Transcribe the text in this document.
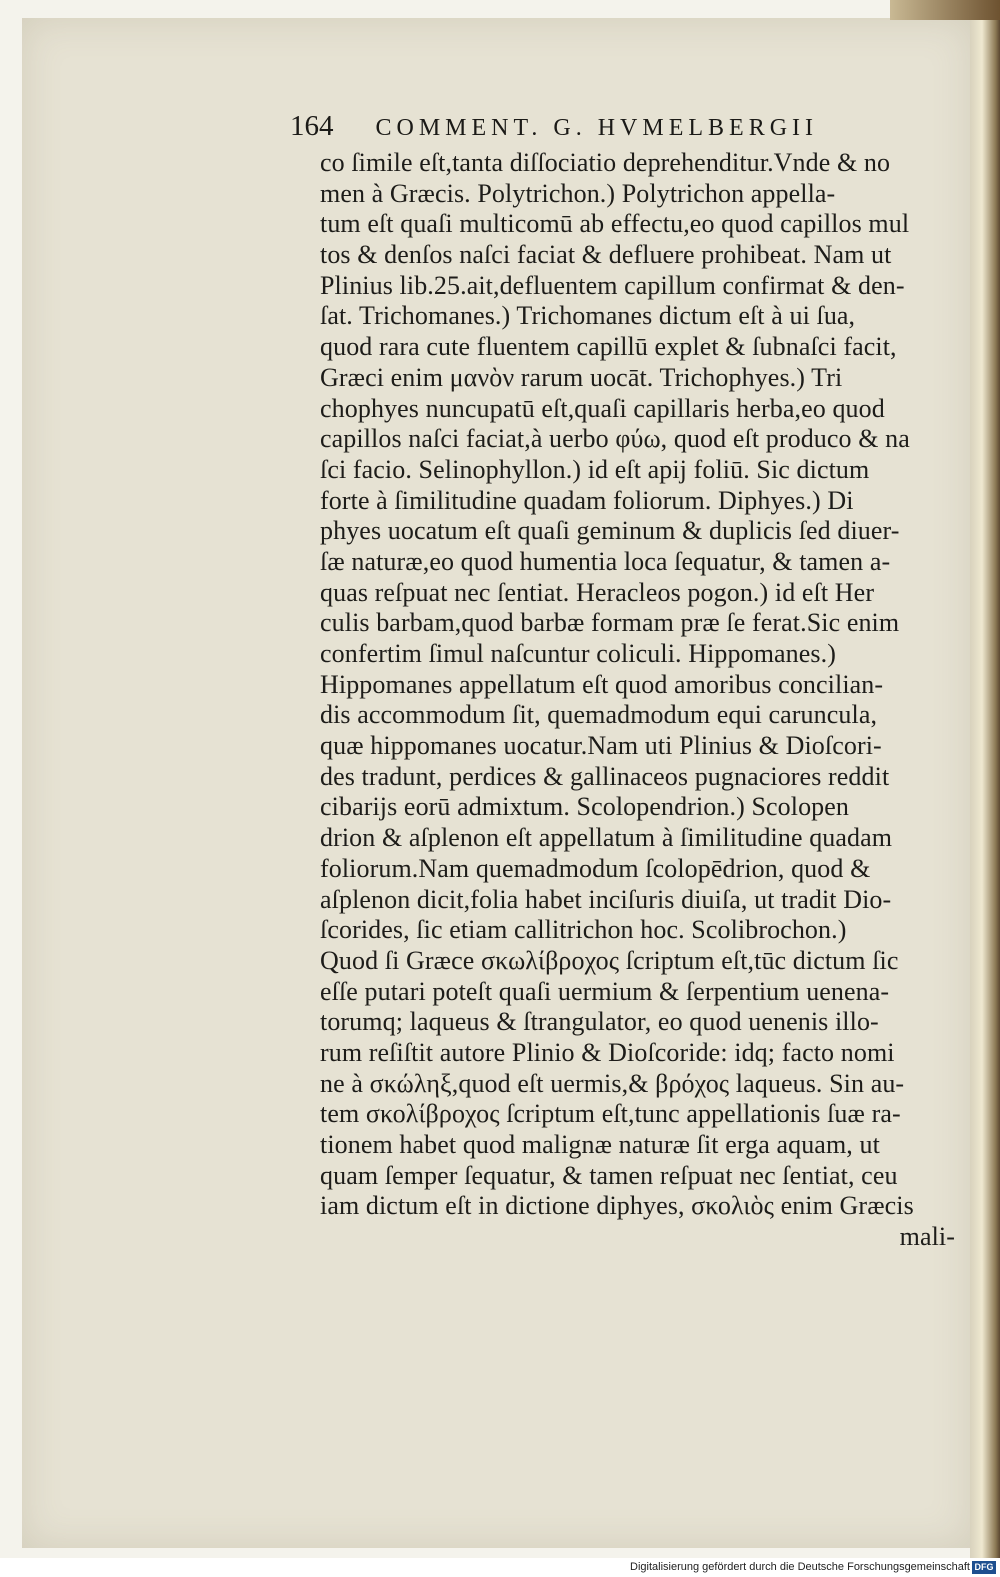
164 COMMENT. G. HVMELBERGII
co ſimile eſt,tanta diſſociatio deprehenditur.Vnde & no
men à Græcis. Polytrichon.) Polytrichon appella-
tum eſt quaſi multicomū ab effectu,eo quod capillos mul
tos & denſos naſci faciat & defluere prohibeat. Nam ut
Plinius lib.25.ait,defluentem capillum confirmat & den-
ſat. Trichomanes.) Trichomanes dictum eſt à ui ſua,
quod rara cute fluentem capillū explet & ſubnaſci facit,
Græci enim μανὸν rarum uocāt. Trichophyes.) Tri
chophyes nuncupatū eſt,quaſi capillaris herba,eo quod
capillos naſci faciat,à uerbo φύω, quod eſt produco & na
ſci facio. Selinophyllon.) id eſt apij foliū. Sic dictum
forte à ſimilitudine quadam foliorum. Diphyes.) Di
phyes uocatum eſt quaſi geminum & duplicis ſed diuer-
ſæ naturæ,eo quod humentia loca ſequatur, & tamen a-
quas reſpuat nec ſentiat. Heracleos pogon.) id eſt Her
culis barbam,quod barbæ formam præ ſe ferat.Sic enim
confertim ſimul naſcuntur coliculi. Hippomanes.)
Hippomanes appellatum eſt quod amoribus concilian-
dis accommodum ſit, quemadmodum equi caruncula,
quæ hippomanes uocatur.Nam uti Plinius & Dioſcori-
des tradunt, perdices & gallinaceos pugnaciores reddit
cibarijs eorū admixtum. Scolopendrion.) Scolopen
drion & aſplenon eſt appellatum à ſimilitudine quadam
foliorum.Nam quemadmodum ſcolopēdrion, quod &
aſplenon dicit,folia habet inciſuris diuiſa, ut tradit Dio-
ſcorides, ſic etiam callitrichon hoc. Scolibrochon.)
Quod ſi Græce σκωλίβροχος ſcriptum eſt,tūc dictum ſic
eſſe putari poteſt quaſi uermium & ſerpentium uenena-
torumq; laqueus & ſtrangulator, eo quod uenenis illo-
rum reſiſtit autore Plinio & Dioſcoride: idq; facto nomi
ne à σκώληξ,quod eſt uermis,& βρόχος laqueus. Sin au-
tem σκολίβροχος ſcriptum eſt,tunc appellationis ſuæ ra-
tionem habet quod malignæ naturæ ſit erga aquam, ut
quam ſemper ſequatur, & tamen reſpuat nec ſentiat, ceu
iam dictum eſt in dictione diphyes, σκολιὸς enim Græcis
mali-
Digitalisierung gefördert durch die Deutsche Forschungsgemeinschaft DFG
